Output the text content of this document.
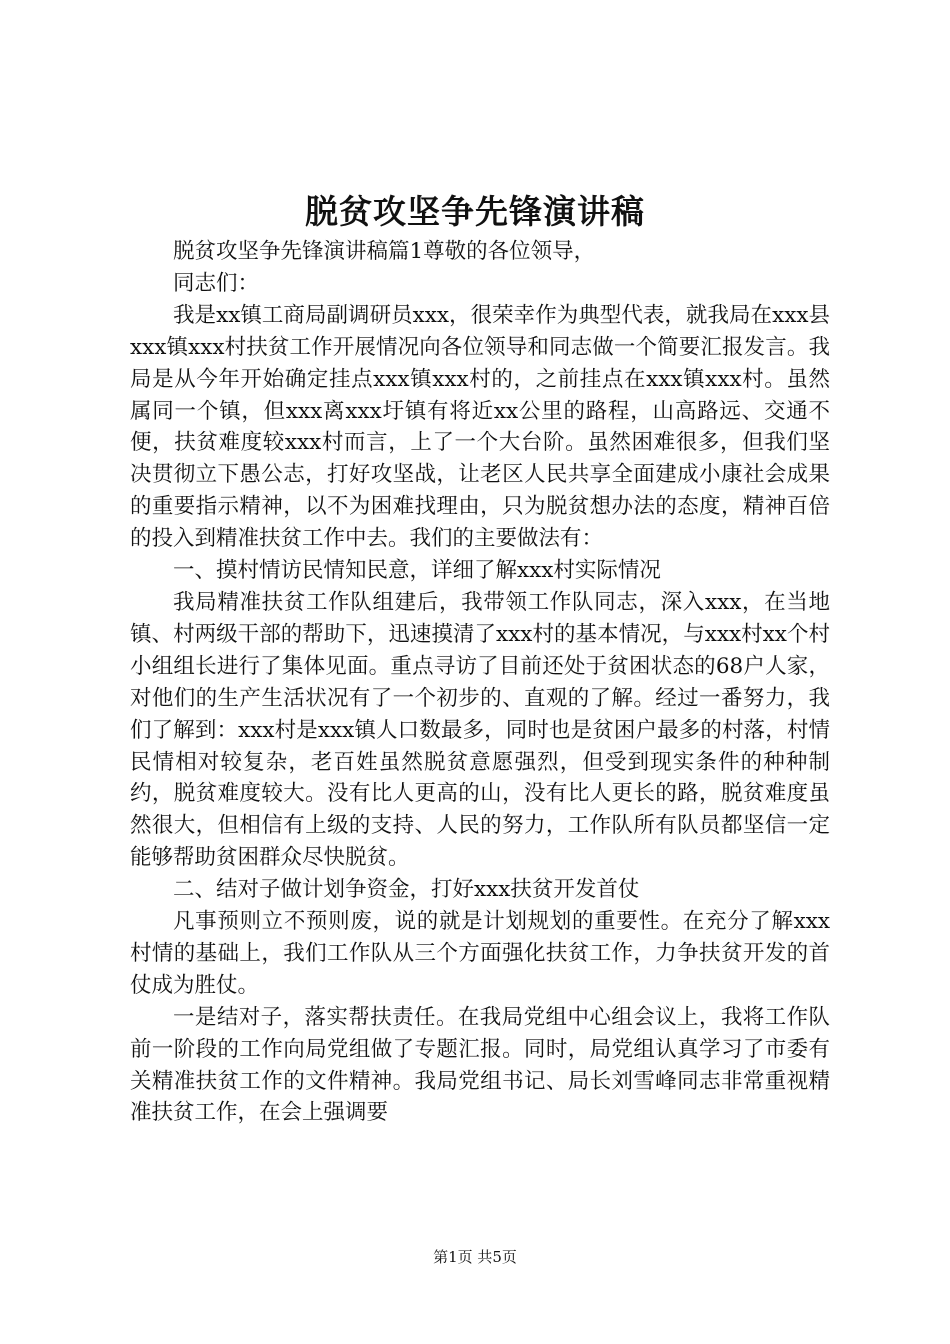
脱贫攻坚争先锋演讲稿

脱贫攻坚争先锋演讲稿篇1尊敬的各位领导，

同志们：

我是xx镇工商局副调研员xxx，很荣幸作为典型代表，就我局在xxx县xxx镇xxx村扶贫工作开展情况向各位领导和同志做一个简要汇报发言。我局是从今年开始确定挂点xxx镇xxx村的，之前挂点在xxx镇xxx村。虽然属同一个镇，但xxx离xxx圩镇有将近xx公里的路程，山高路远、交通不便，扶贫难度较xxx村而言，上了一个大台阶。虽然困难很多，但我们坚决贯彻立下愚公志，打好攻坚战，让老区人民共享全面建成小康社会成果的重要指示精神，以不为困难找理由，只为脱贫想办法的态度，精神百倍的投入到精准扶贫工作中去。我们的主要做法有：

一、摸村情访民情知民意，详细了解xxx村实际情况

我局精准扶贫工作队组建后，我带领工作队同志，深入xxx，在当地镇、村两级干部的帮助下，迅速摸清了xxx村的基本情况，与xxx村xx个村小组组长进行了集体见面。重点寻访了目前还处于贫困状态的68户人家，对他们的生产生活状况有了一个初步的、直观的了解。经过一番努力，我们了解到：xxx村是xxx镇人口数最多，同时也是贫困户最多的村落，村情民情相对较复杂，老百姓虽然脱贫意愿强烈，但受到现实条件的种种制约，脱贫难度较大。没有比人更高的山，没有比人更长的路，脱贫难度虽然很大，但相信有上级的支持、人民的努力，工作队所有队员都坚信一定能够帮助贫困群众尽快脱贫。

二、结对子做计划争资金，打好xxx扶贫开发首仗

凡事预则立不预则废，说的就是计划规划的重要性。在充分了解xxx村情的基础上，我们工作队从三个方面强化扶贫工作，力争扶贫开发的首仗成为胜仗。

一是结对子，落实帮扶责任。在我局党组中心组会议上，我将工作队前一阶段的工作向局党组做了专题汇报。同时，局党组认真学习了市委有关精准扶贫工作的文件精神。我局党组书记、局长刘雪峰同志非常重视精准扶贫工作，在会上强调要

第1页 共5页
